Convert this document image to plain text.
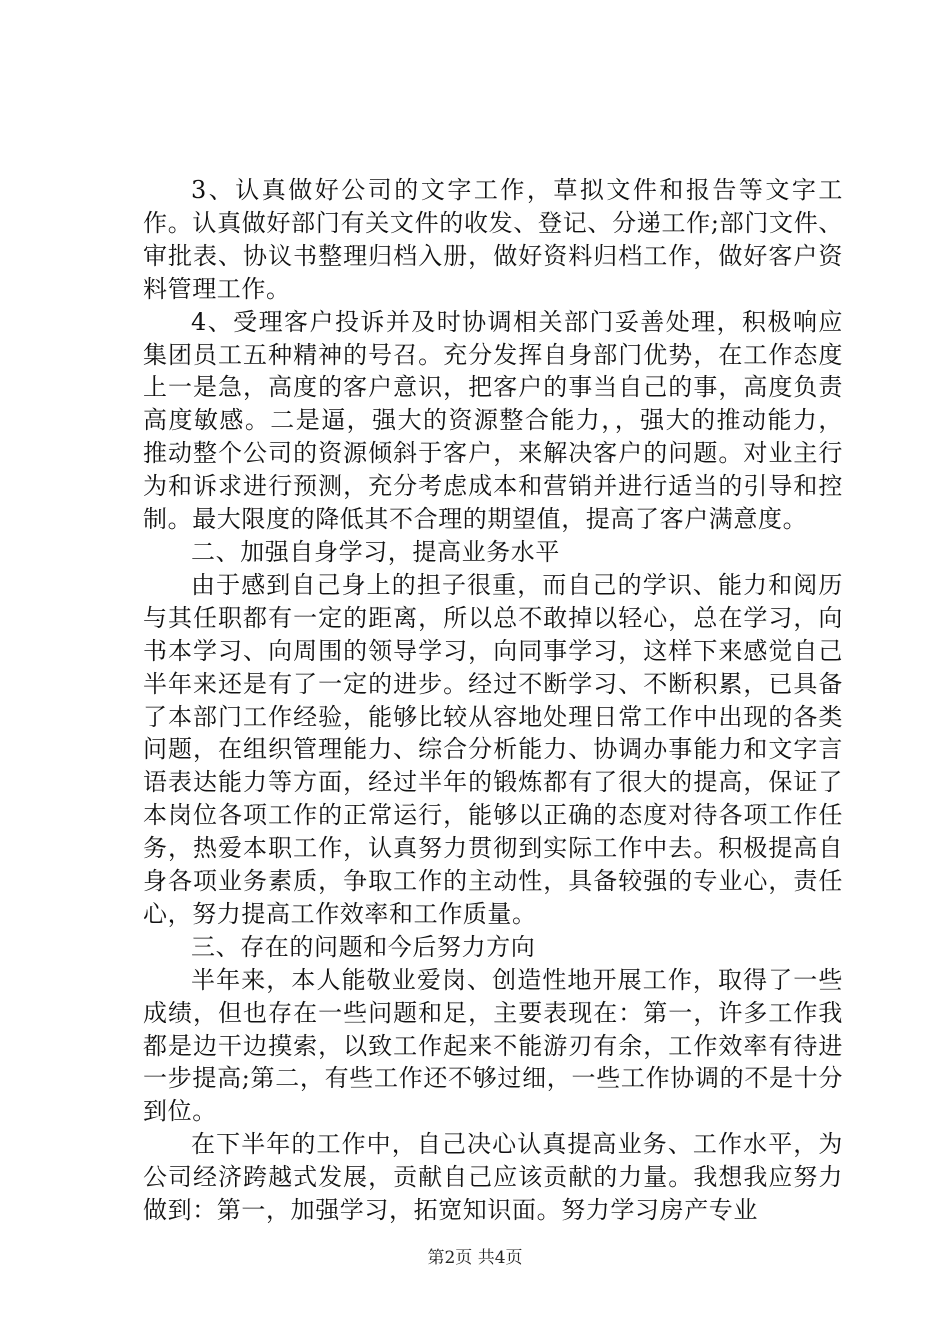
3、认真做好公司的文字工作，草拟文件和报告等文字工作。认真做好部门有关文件的收发、登记、分递工作;部门文件、审批表、协议书整理归档入册，做好资料归档工作，做好客户资料管理工作。

4、受理客户投诉并及时协调相关部门妥善处理，积极响应集团员工五种精神的号召。充分发挥自身部门优势，在工作态度上一是急，高度的客户意识，把客户的事当自己的事，高度负责高度敏感。二是逼，强大的资源整合能力，，强大的推动能力，推动整个公司的资源倾斜于客户，来解决客户的问题。对业主行为和诉求进行预测，充分考虑成本和营销并进行适当的引导和控制。最大限度的降低其不合理的期望值，提高了客户满意度。

二、加强自身学习，提高业务水平

由于感到自己身上的担子很重，而自己的学识、能力和阅历与其任职都有一定的距离，所以总不敢掉以轻心，总在学习，向书本学习、向周围的领导学习，向同事学习，这样下来感觉自己半年来还是有了一定的进步。经过不断学习、不断积累，已具备了本部门工作经验，能够比较从容地处理日常工作中出现的各类问题，在组织管理能力、综合分析能力、协调办事能力和文字言语表达能力等方面，经过半年的锻炼都有了很大的提高，保证了本岗位各项工作的正常运行，能够以正确的态度对待各项工作任务，热爱本职工作，认真努力贯彻到实际工作中去。积极提高自身各项业务素质，争取工作的主动性，具备较强的专业心，责任心，努力提高工作效率和工作质量。

三、存在的问题和今后努力方向

半年来，本人能敬业爱岗、创造性地开展工作，取得了一些成绩，但也存在一些问题和足，主要表现在：第一，许多工作我都是边干边摸索，以致工作起来不能游刃有余，工作效率有待进一步提高;第二，有些工作还不够过细，一些工作协调的不是十分到位。

在下半年的工作中，自己决心认真提高业务、工作水平，为公司经济跨越式发展，贡献自己应该贡献的力量。我想我应努力做到：第一，加强学习，拓宽知识面。努力学习房产专业

第2页 共4页
